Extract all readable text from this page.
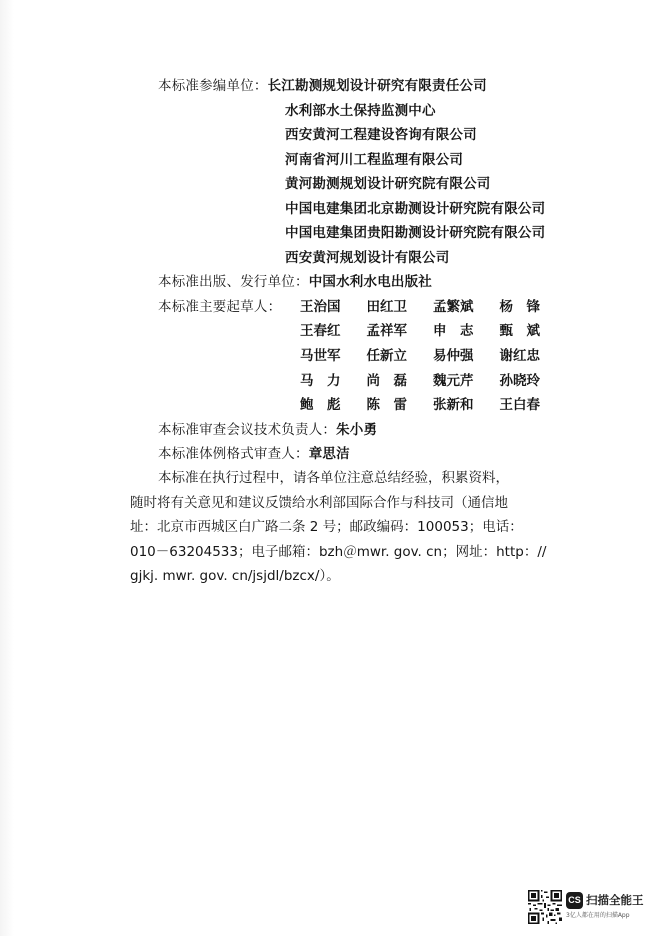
本标准参编单位：长江勘测规划设计研究有限责任公司
水利部水土保持监测中心
西安黄河工程建设咨询有限公司
河南省河川工程监理有限公司
黄河勘测规划设计研究院有限公司
中国电建集团北京勘测设计研究院有限公司
中国电建集团贵阳勘测设计研究院有限公司
西安黄河规划设计有限公司
本标准出版、发行单位：中国水利水电出版社
本标准主要起草人： 王治国 田红卫 孟繁斌 杨　锋
王春红 孟祥军 申　志 甄　斌
马世军 任新立 易仲强 谢红忠
马　力 尚　磊 魏元芹 孙晓玲
鲍　彪 陈　雷 张新和 王白春
本标准审查会议技术负责人：朱小勇
本标准体例格式审查人：章思洁
本标准在执行过程中，请各单位注意总结经验，积累资料，
随时将有关意见和建议反馈给水利部国际合作与科技司（通信地
址：北京市西城区白广路二条 2 号；邮政编码：100053；电话：
010－63204533；电子邮箱：bzh＠mwr. gov. cn；网址：http：//
gjkj. mwr. gov. cn/jsjdl/bzcx/）。
CS 扫描全能王
3亿人都在用的扫描App
